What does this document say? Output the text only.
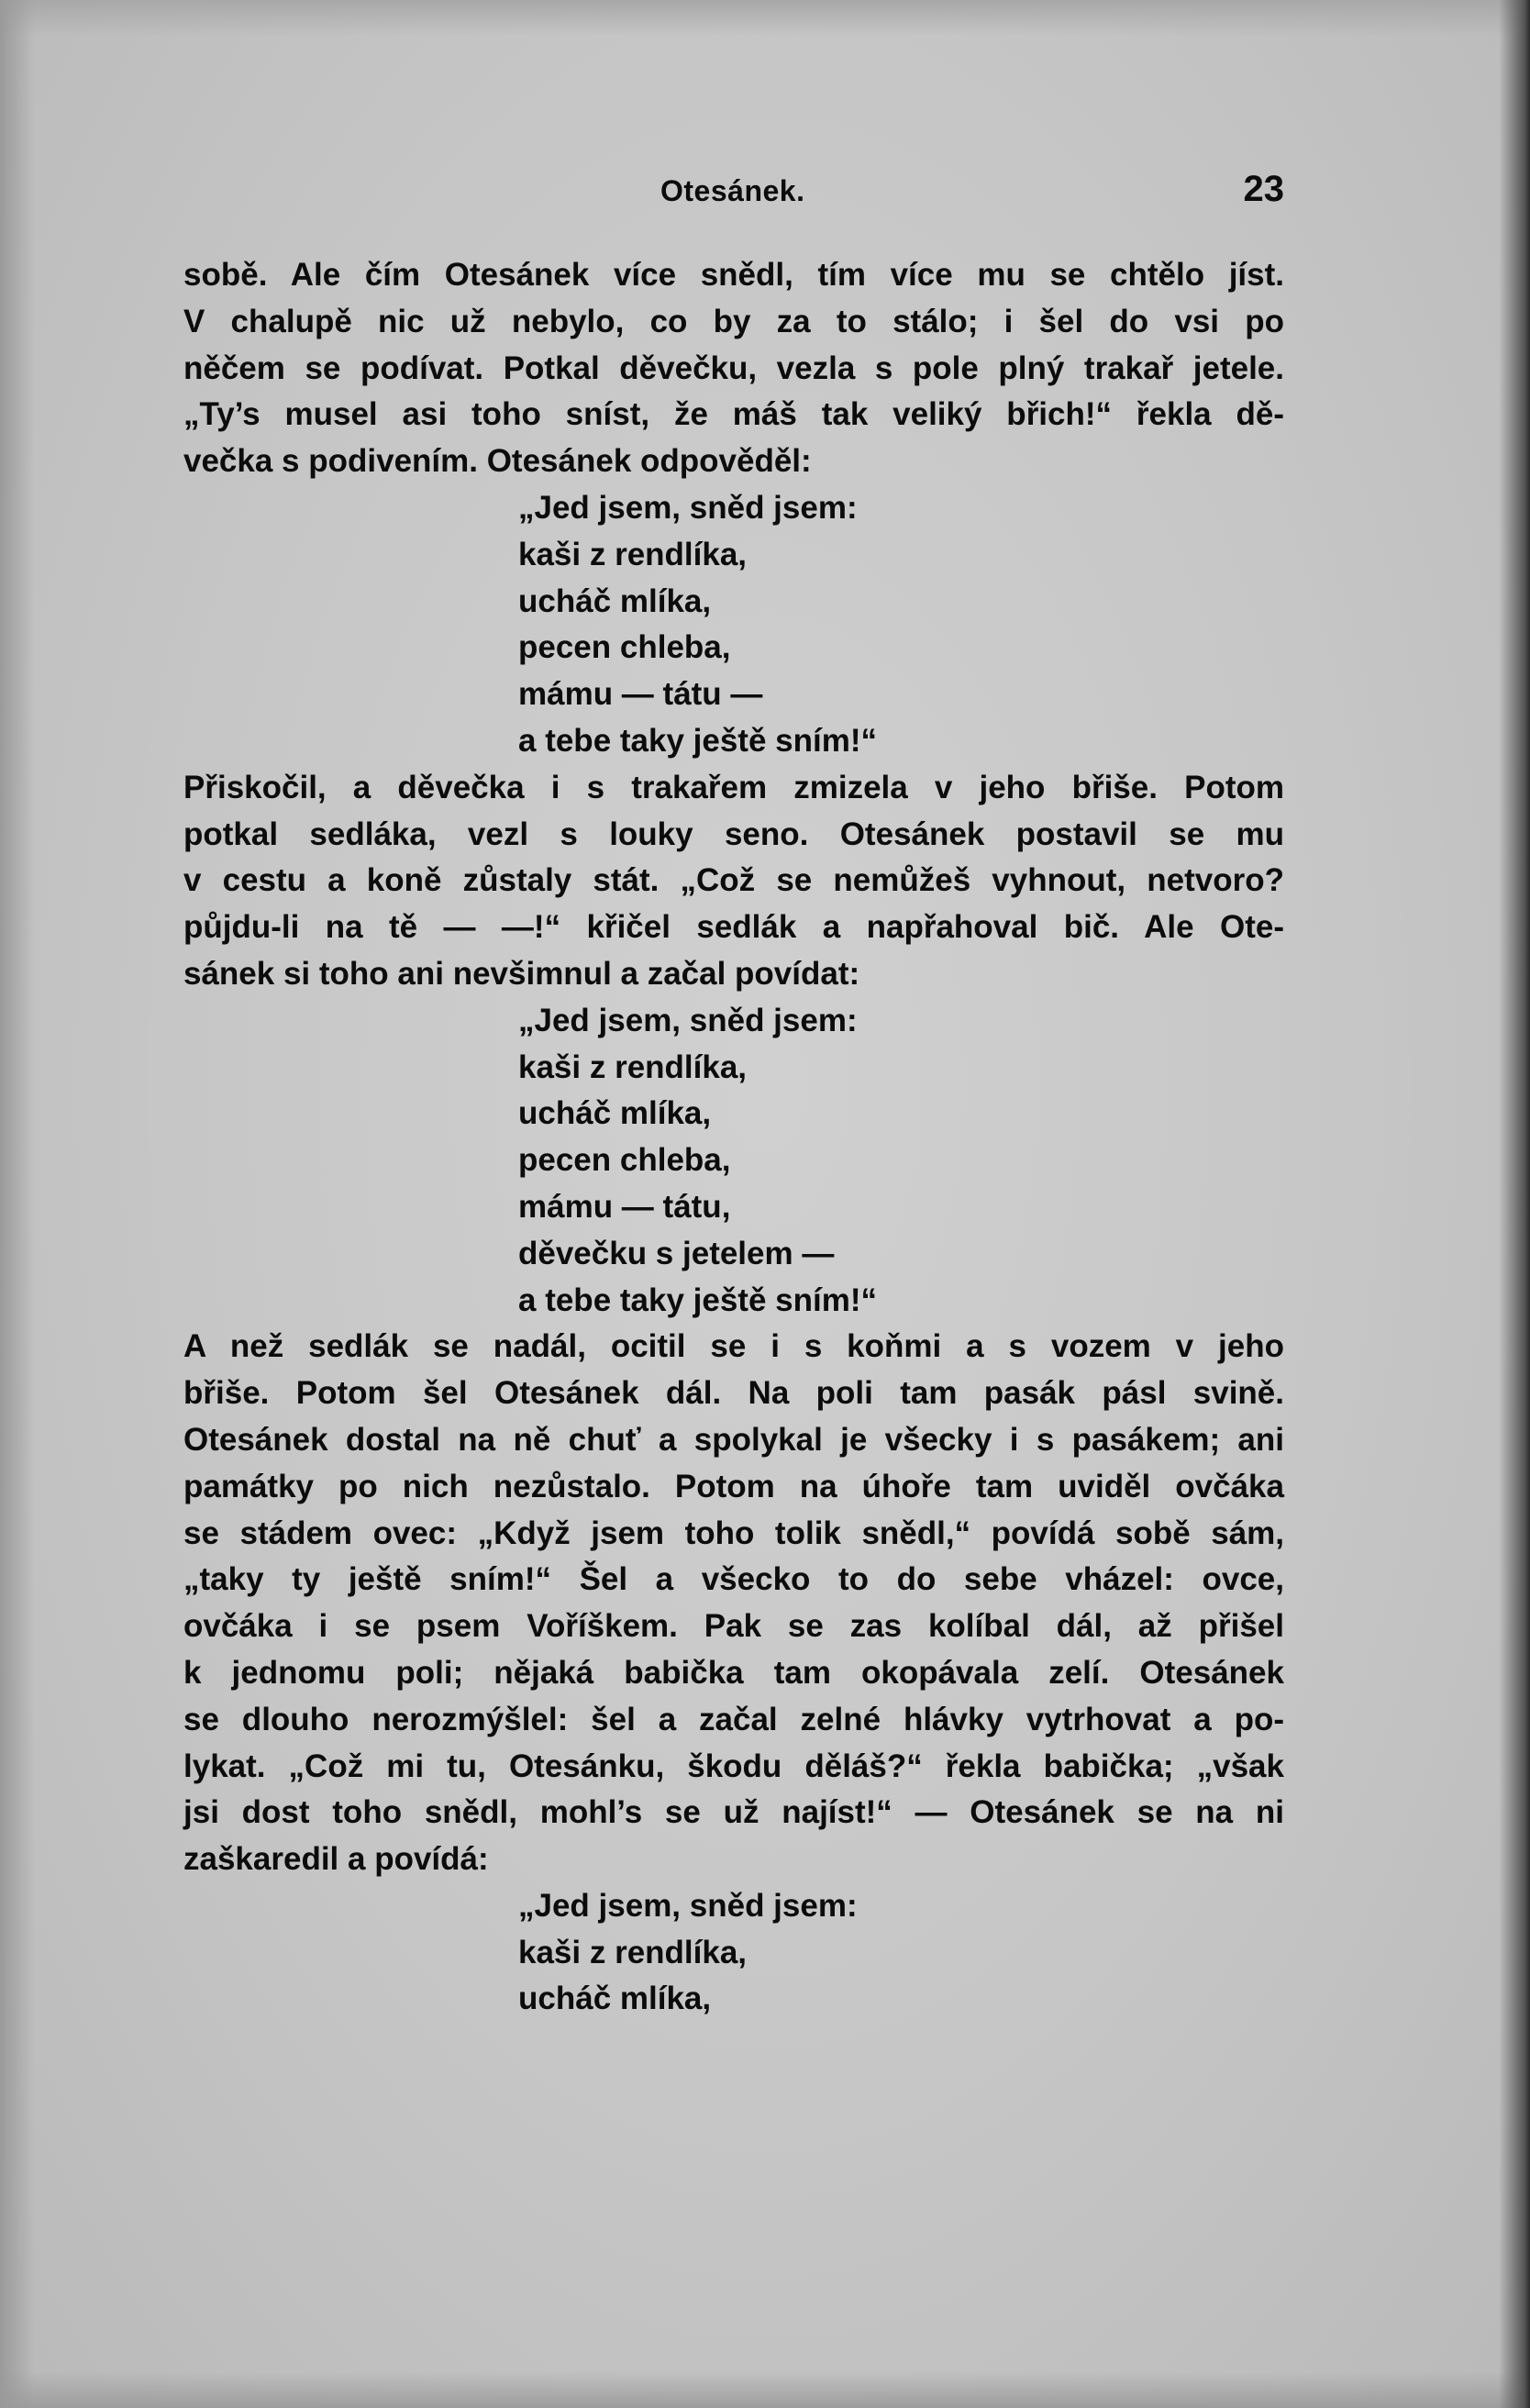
Otesánek.	23
sobě. Ale čím Otesánek více snědl, tím více mu se chtělo jíst.
V chalupě nic už nebylo, co by za to stálo; i šel do vsi po
něčem se podívat. Potkal děvečku, vezla s pole plný trakař jetele.
„Ty’s musel asi toho sníst, že máš tak veliký břich!“ řekla dě-
večka s podivením. Otesánek odpověděl:
„Jed jsem, sněd jsem:
kaši z rendlíka,
ucháč mlíka,
pecen chleba,
mámu — tátu —
a tebe taky ještě sním!“
Přiskočil, a děvečka i s trakařem zmizela v jeho břiše. Potom
potkal sedláka, vezl s louky seno. Otesánek postavil se mu
v cestu a koně zůstaly stát. „Což se nemůžeš vyhnout, netvoro?
půjdu-li na tě — —!“ křičel sedlák a napřahoval bič. Ale Ote-
sánek si toho ani nevšimnul a začal povídat:
„Jed jsem, sněd jsem:
kaši z rendlíka,
ucháč mlíka,
pecen chleba,
mámu — tátu,
děvečku s jetelem —
a tebe taky ještě sním!“
A než sedlák se nadál, ocitil se i s koňmi a s vozem v jeho
břiše. Potom šel Otesánek dál. Na poli tam pasák pásl svině.
Otesánek dostal na ně chuť a spolykal je všecky i s pasákem; ani
památky po nich nezůstalo. Potom na úhoře tam uviděl ovčáka
se stádem ovec: „Když jsem toho tolik snědl,“ povídá sobě sám,
„taky ty ještě sním!“ Šel a všecko to do sebe vházel: ovce,
ovčáka i se psem Voříškem. Pak se zas kolíbal dál, až přišel
k jednomu poli; nějaká babička tam okopávala zelí. Otesánek
se dlouho nerozmýšlel: šel a začal zelné hlávky vytrhovat a po-
lykat. „Což mi tu, Otesánku, škodu děláš?“ řekla babička; „však
jsi dost toho snědl, mohl’s se už najíst!“ — Otesánek se na ni
zaškaredil a povídá:
„Jed jsem, sněd jsem:
kaši z rendlíka,
ucháč mlíka,
